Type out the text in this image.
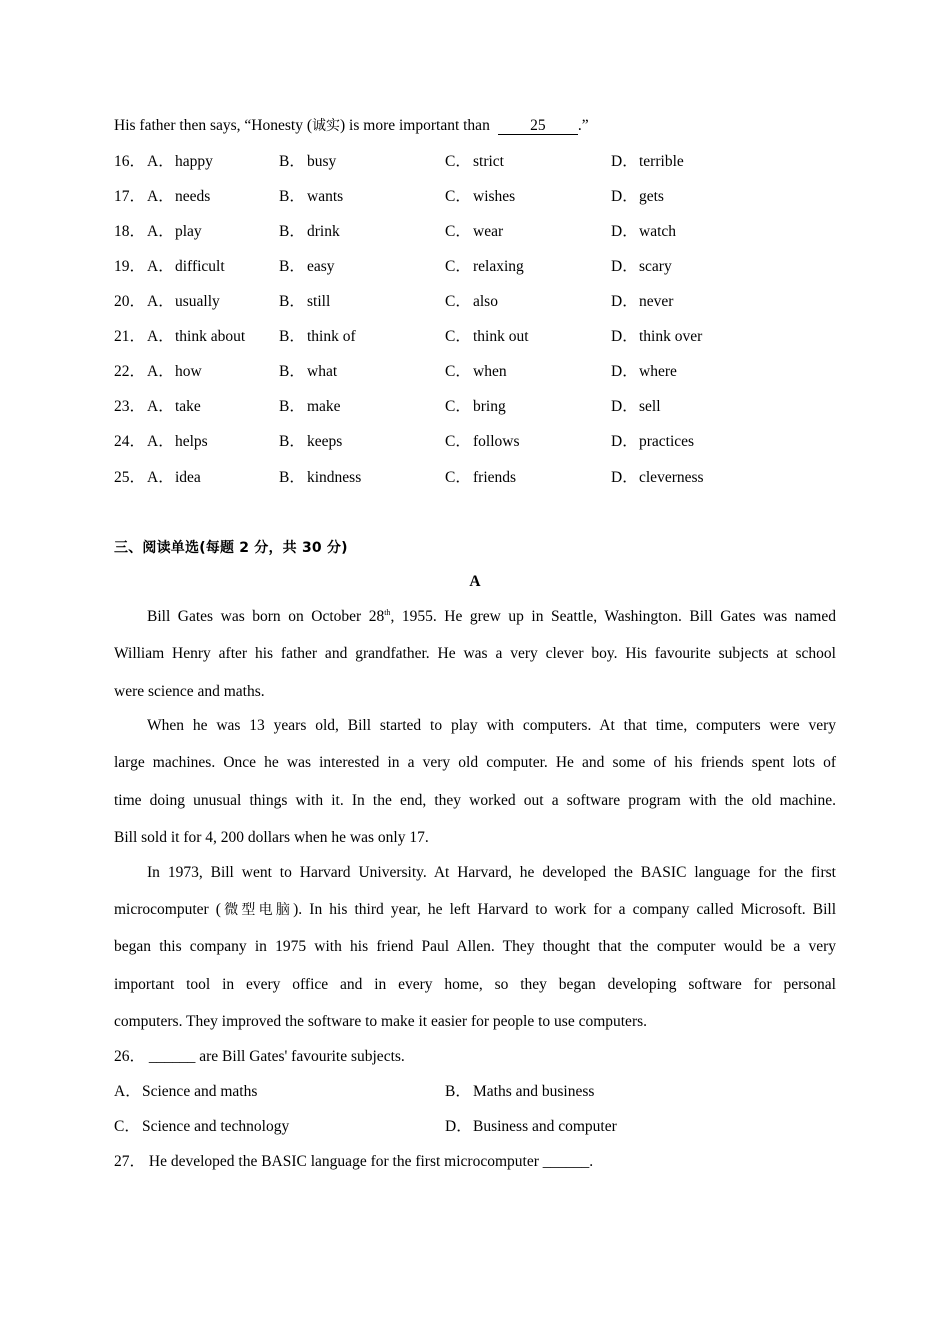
His father then says, “Honesty (诚实) is more important than	25 .”
16． A．happy	B． busy	C． strict	D．terrible
17． A．needs	B． wants	C． wishes	D．gets
18． A．play	B． drink	C． wear	D．watch
19． A．difficult	B． easy	C． relaxing	D．scary
20． A．usually	B． still	C． also	D．never
21． A．think about B． think of	C． think out	D．think over
22． A．how	B． what	C． when	D．where
23． A．take	B． make	C． bring	D．sell
24． A．helps	B． keeps	C． follows	D．practices
25． A．idea	B． kindness	C． friends	D．cleverness
三、阅读单选(每题 2 分，共 30 分)
A
Bill Gates was born on October 28th, 1955. He grew up in Seattle, Washington. Bill Gates was named
William Henry after his father and grandfather. He was a very clever boy. His favourite subjects at school
were science and maths.
When he was 13 years old, Bill started to play with computers. At that time, computers were very
large machines. Once he was interested in a very old computer. He and some of his friends spent lots of
time doing unusual things with it. In the end, they worked out a software program with the old machine.
Bill sold it for 4, 200 dollars when he was only 17.
In 1973, Bill went to Harvard University. At Harvard, he developed the BASIC language for the first
microcomputer (微型电脑). In his third year, he left Harvard to work for a company called Microsoft. Bill
began this company in 1975 with his friend Paul Allen. They thought that the computer would be a very
important tool in every office and in every home, so they began developing software for personal
computers. They improved the software to make it easier for people to use computers.
26． ______ are Bill Gates' favourite subjects.
A．Science and maths	B． Maths and business
C． Science and technology	D．Business and computer
27． He developed the BASIC language for the first microcomputer ______.
